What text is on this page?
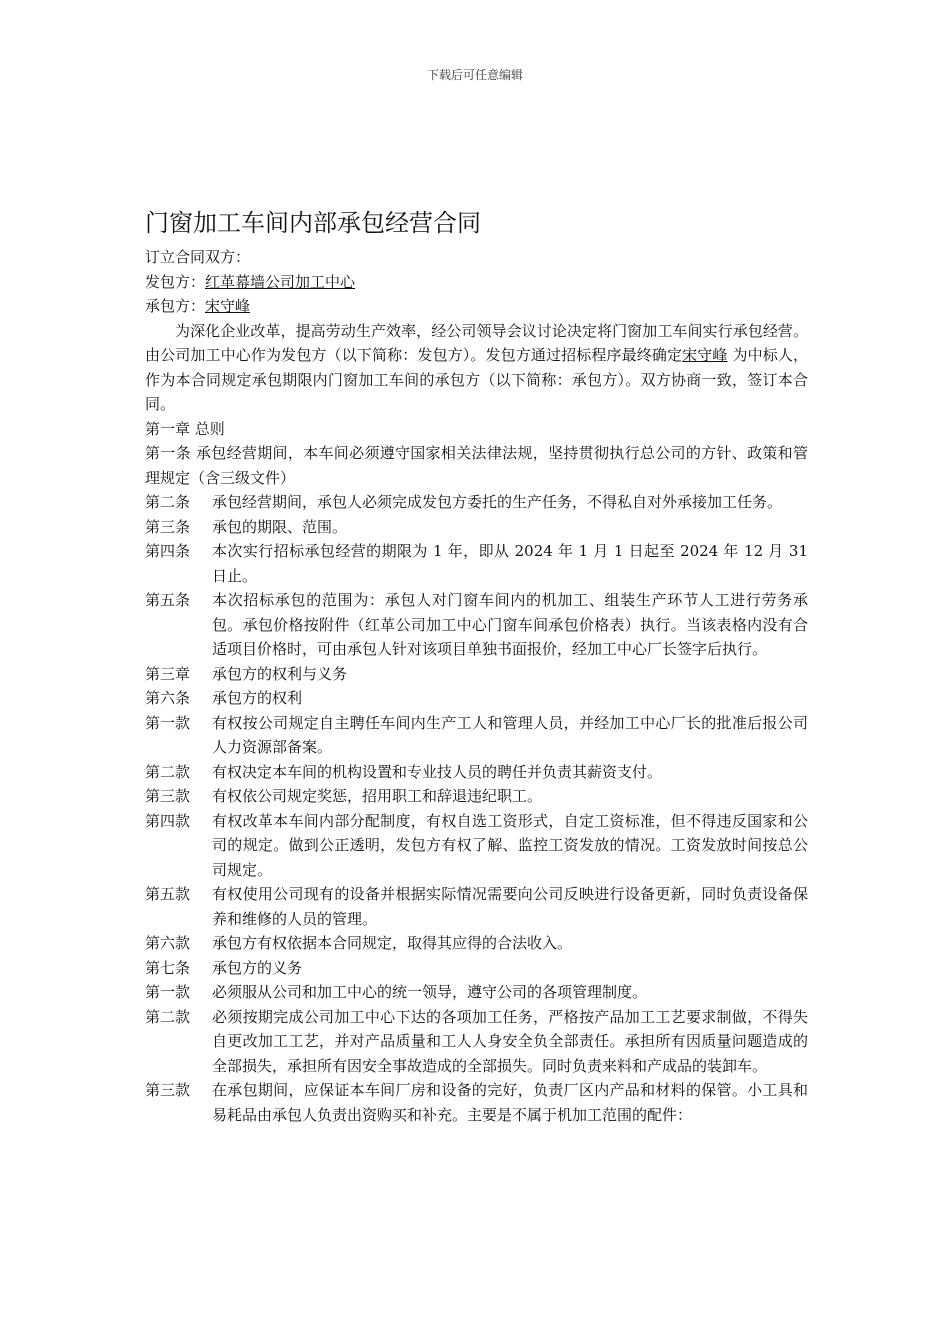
下载后可任意编辑
门窗加工车间内部承包经营合同

订立合同双方：

发包方：红革幕墙公司加工中心

承包方：宋守峰

为深化企业改革，提高劳动生产效率，经公司领导会议讨论决定将门窗加工车间实行承包经营。由公司加工中心作为发包方（以下简称：发包方）。发包方通过招标程序最终确定宋守峰 为中标人，作为本合同规定承包期限内门窗加工车间的承包方（以下简称：承包方）。双方协商一致，签订本合同。

第一章 总则

第一条 承包经营期间，本车间必须遵守国家相关法律法规，坚持贯彻执行总公司的方针、政策和管理规定（含三级文件）

第二条	承包经营期间，承包人必须完成发包方委托的生产任务，不得私自对外承接加工任务。
第三条	承包的期限、范围。
第四条	本次实行招标承包经营的期限为 1 年，即从 2024 年 1 月 1 日起至 2024 年 12 月 31 日止。
第五条	本次招标承包的范围为：承包人对门窗车间内的机加工、组装生产环节人工进行劳务承包。承包价格按附件（红革公司加工中心门窗车间承包价格表）执行。当该表格内没有合适项目价格时，可由承包人针对该项目单独书面报价，经加工中心厂长签字后执行。
第三章	承包方的权利与义务
第六条	承包方的权利
第一款	有权按公司规定自主聘任车间内生产工人和管理人员，并经加工中心厂长的批准后报公司人力资源部备案。
第二款	有权决定本车间的机构设置和专业技人员的聘任并负责其薪资支付。
第三款	有权依公司规定奖惩，招用职工和辞退违纪职工。
第四款	有权改革本车间内部分配制度，有权自选工资形式，自定工资标准，但不得违反国家和公司的规定。做到公正透明，发包方有权了解、监控工资发放的情况。工资发放时间按总公司规定。
第五款	有权使用公司现有的设备并根据实际情况需要向公司反映进行设备更新，同时负责设备保养和维修的人员的管理。
第六款	承包方有权依据本合同规定，取得其应得的合法收入。
第七条	承包方的义务
第一款	必须服从公司和加工中心的统一领导，遵守公司的各项管理制度。
第二款	必须按期完成公司加工中心下达的各项加工任务，严格按产品加工工艺要求制做，不得失自更改加工工艺，并对产品质量和工人人身安全负全部责任。承担所有因质量问题造成的全部损失，承担所有因安全事故造成的全部损失。同时负责来料和产成品的装卸车。
第三款	在承包期间，应保证本车间厂房和设备的完好，负责厂区内产品和材料的保管。小工具和易耗品由承包人负责出资购买和补充。主要是不属于机加工范围的配件：
